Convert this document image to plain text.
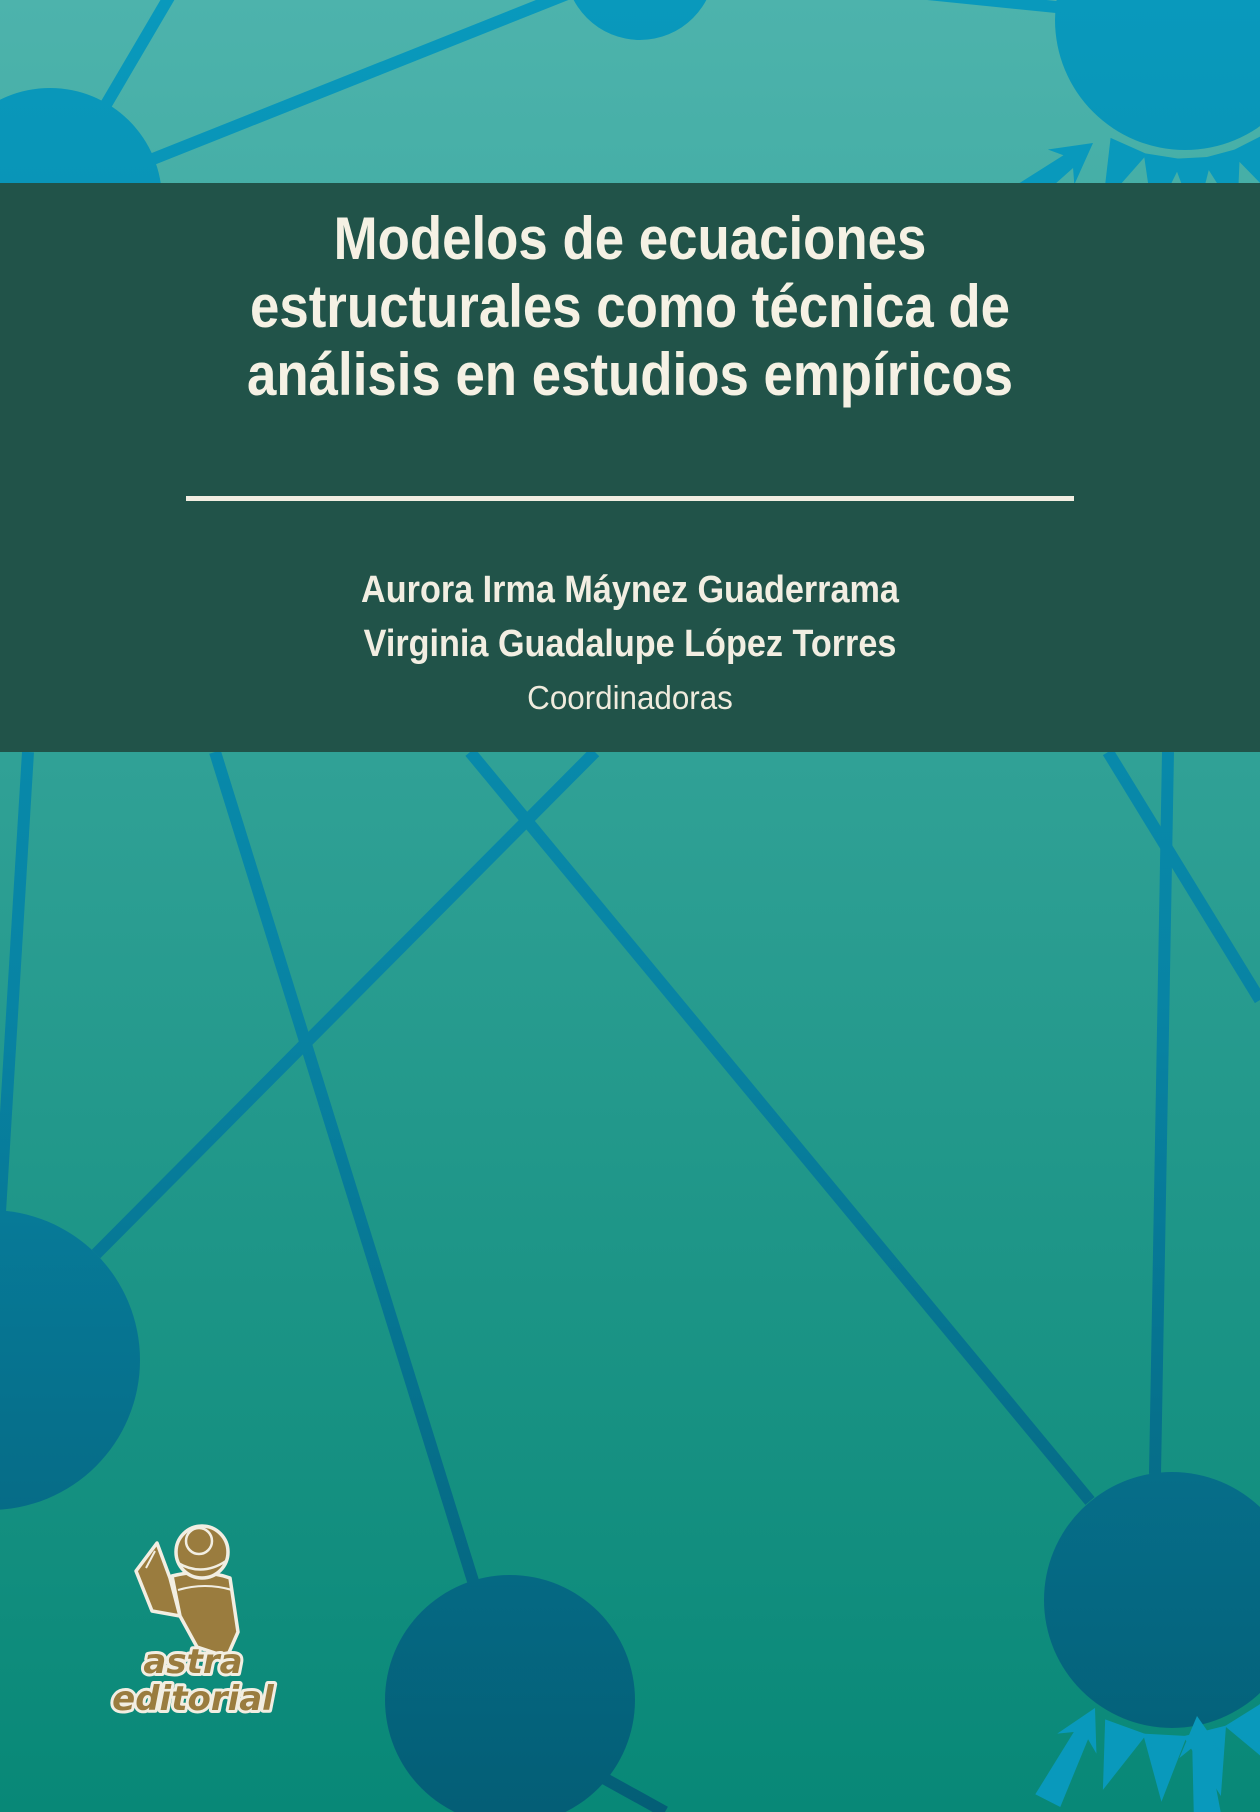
astra
editorial
Modelos de ecuaciones
estructurales como técnica de
análisis en estudios empíricos
Aurora Irma Máynez Guaderrama
Virginia Guadalupe López Torres
Coordinadoras
